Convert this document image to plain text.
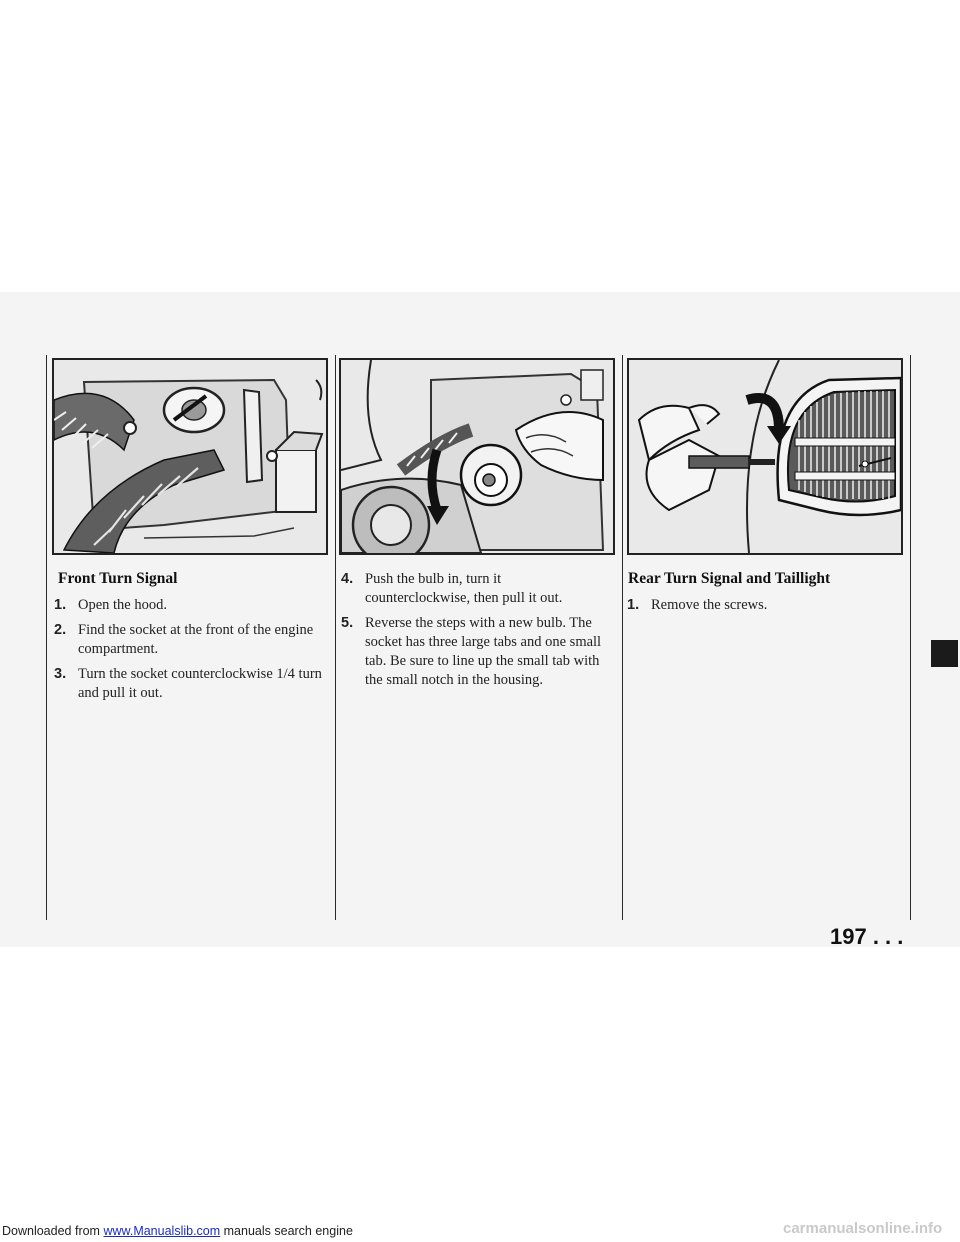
Front Turn Signal
1. Open the hood.
2. Find the socket at the front of the engine compartment.
3. Turn the socket counterclockwise 1/4 turn and pull it out.
4. Push the bulb in, turn it counterclockwise, then pull it out.
5. Reverse the steps with a new bulb. The socket has three large tabs and one small tab. Be sure to line up the small tab with the small notch in the housing.
Rear Turn Signal and Taillight
1. Remove the screws.
197 . . .
Downloaded from www.Manualslib.com manuals search engine	carmanualsonline.info
